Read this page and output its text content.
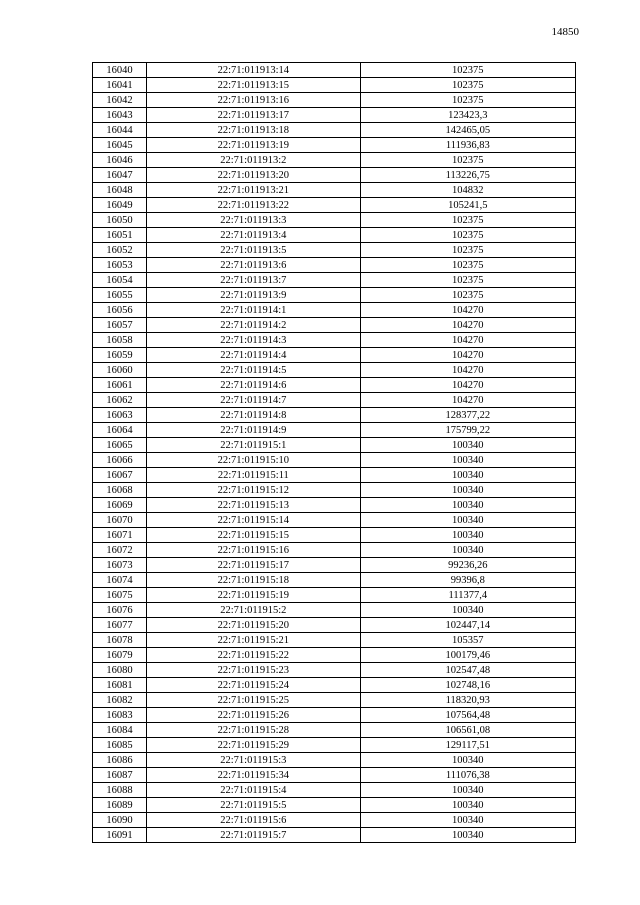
14850
16040	22:71:011913:14	102375
16041	22:71:011913:15	102375
16042	22:71:011913:16	102375
16043	22:71:011913:17	123423,3
16044	22:71:011913:18	142465,05
16045	22:71:011913:19	111936,83
16046	22:71:011913:2	102375
16047	22:71:011913:20	113226,75
16048	22:71:011913:21	104832
16049	22:71:011913:22	105241,5
16050	22:71:011913:3	102375
16051	22:71:011913:4	102375
16052	22:71:011913:5	102375
16053	22:71:011913:6	102375
16054	22:71:011913:7	102375
16055	22:71:011913:9	102375
16056	22:71:011914:1	104270
16057	22:71:011914:2	104270
16058	22:71:011914:3	104270
16059	22:71:011914:4	104270
16060	22:71:011914:5	104270
16061	22:71:011914:6	104270
16062	22:71:011914:7	104270
16063	22:71:011914:8	128377,22
16064	22:71:011914:9	175799,22
16065	22:71:011915:1	100340
16066	22:71:011915:10	100340
16067	22:71:011915:11	100340
16068	22:71:011915:12	100340
16069	22:71:011915:13	100340
16070	22:71:011915:14	100340
16071	22:71:011915:15	100340
16072	22:71:011915:16	100340
16073	22:71:011915:17	99236,26
16074	22:71:011915:18	99396,8
16075	22:71:011915:19	111377,4
16076	22:71:011915:2	100340
16077	22:71:011915:20	102447,14
16078	22:71:011915:21	105357
16079	22:71:011915:22	100179,46
16080	22:71:011915:23	102547,48
16081	22:71:011915:24	102748,16
16082	22:71:011915:25	118320,93
16083	22:71:011915:26	107564,48
16084	22:71:011915:28	106561,08
16085	22:71:011915:29	129117,51
16086	22:71:011915:3	100340
16087	22:71:011915:34	111076,38
16088	22:71:011915:4	100340
16089	22:71:011915:5	100340
16090	22:71:011915:6	100340
16091	22:71:011915:7	100340
